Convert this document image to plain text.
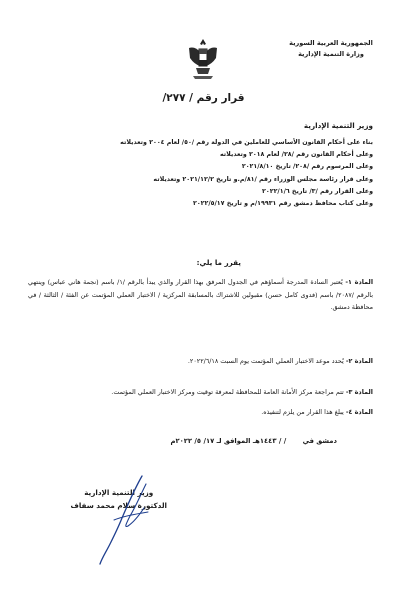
الجمهورية العربية السورية
وزارة التنمية الإدارية
قرار رقم / ٢٧٧/
وزير التنمية الإدارية
بناء على أحكام القانون الأساسي للعاملين في الدولة رقم /٥٠/ لعام ٢٠٠٤ وتعديلاته
وعلى أحكام القانون رقم /٢٨/ لعام ٢٠١٨ وتعديلاته
وعلى المرسوم رقم /٢٠٨/ تاريخ ٢٠٢١/٨/١٠
وعلى قرار رئاسة مجلس الوزراء رقم /٨١/م.و تاريخ ٢٠٢١/١٢/٢ وتعديلاته
وعلى القرار رقم /٣/ تاريخ ٢٠٢٢/١/٦
وعلى كتاب محافظ دمشق رقم ١٩٩٣١/م و تاريخ ٢٠٢٢/٥/١٧
يقرر ما يلي:
المادة ١- يُعتبر السادة المدرجة أسماؤهم في الجدول المرفق بهذا القرار والذي يبدأ بالرقم /١/ باسم (نجمة هاني عباس) وينتهي بالرقم /٢٠٨٧/ باسم (فدوى كامل حسن) مقبولين للاشتراك بالمسابقة المركزية / الاختبار العملي المؤتمت عن الفئة / الثالثة / في محافظة دمشق.
المادة ٢- يُحدد موعد الاختبار العملي المؤتمت يوم السبت ٢٠٢٢/٦/١٨.
المادة ٣- تتم مراجعة مركز الأمانة العامة للمحافظة لمعرفة توقيت ومركز الاختبار العملي المؤتمت.
المادة ٤- يبلغ هذا القرار من يلزم لتنفيذه.
دمشق في / / ١٤٤٣هـ الموافق لـ ١٧/ ٥/ ٢٠٢٢م
وزير التنمية الإدارية
الدكتورة سلام محمد سفاف
